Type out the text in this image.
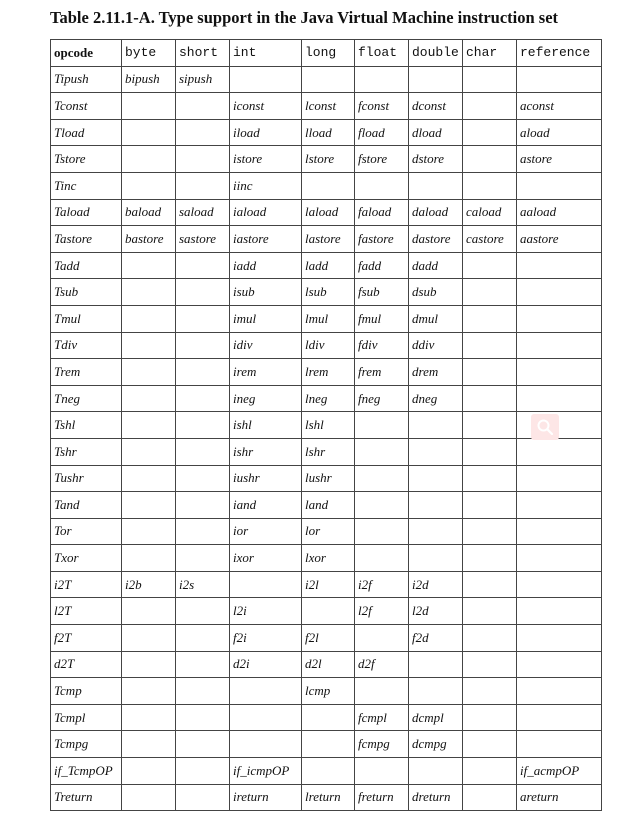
Table 2.11.1-A. Type support in the Java Virtual Machine instruction set
opcode	byte	short	int	long	float	double	char	reference
Tipush	bipush	sipush						
Tconst			iconst	lconst	fconst	dconst		aconst
Tload			iload	lload	fload	dload		aload
Tstore			istore	lstore	fstore	dstore		astore
Tinc			iinc					
Taload	baload	saload	iaload	laload	faload	daload	caload	aaload
Tastore	bastore	sastore	iastore	lastore	fastore	dastore	castore	aastore
Tadd			iadd	ladd	fadd	dadd		
Tsub			isub	lsub	fsub	dsub		
Tmul			imul	lmul	fmul	dmul		
Tdiv			idiv	ldiv	fdiv	ddiv		
Trem			irem	lrem	frem	drem		
Tneg			ineg	lneg	fneg	dneg		
Tshl			ishl	lshl				
Tshr			ishr	lshr				
Tushr			iushr	lushr				
Tand			iand	land				
Tor			ior	lor				
Txor			ixor	lxor				
i2T	i2b	i2s		i2l	i2f	i2d		
l2T			l2i		l2f	l2d		
f2T			f2i	f2l		f2d		
d2T			d2i	d2l	d2f			
Tcmp				lcmp				
Tcmpl					fcmpl	dcmpl		
Tcmpg					fcmpg	dcmpg		
if_TcmpOP			if_icmpOP					if_acmpOP
Treturn			ireturn	lreturn	freturn	dreturn		areturn
